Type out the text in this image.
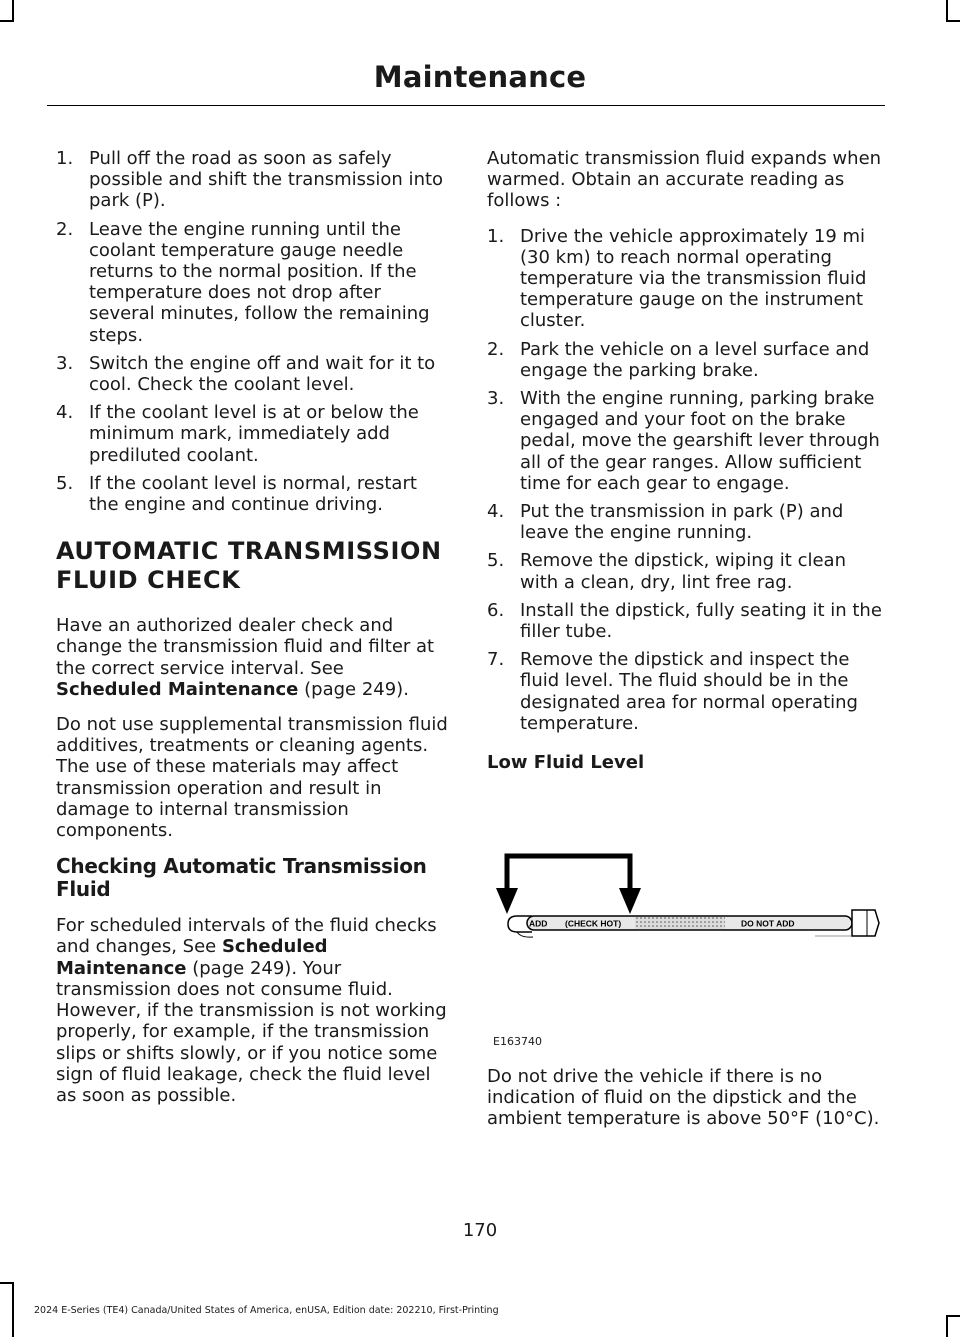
Maintenance
1. Pull off the road as soon as safely possible and shift the transmission into park (P).
2. Leave the engine running until the coolant temperature gauge needle returns to the normal position. If the temperature does not drop after several minutes, follow the remaining steps.
3. Switch the engine off and wait for it to cool. Check the coolant level.
4. If the coolant level is at or below the minimum mark, immediately add prediluted coolant.
5. If the coolant level is normal, restart the engine and continue driving.
AUTOMATIC TRANSMISSION
FLUID CHECK

Have an authorized dealer check and change the transmission fluid and filter at the correct service interval. See Scheduled Maintenance (page 249).

Do not use supplemental transmission fluid additives, treatments or cleaning agents. The use of these materials may affect transmission operation and result in damage to internal transmission components.

Checking Automatic Transmission Fluid

For scheduled intervals of the fluid checks and changes, See Scheduled Maintenance (page 249). Your transmission does not consume fluid. However, if the transmission is not working properly, for example, if the transmission slips or shifts slowly, or if you notice some sign of fluid leakage, check the fluid level as soon as possible.

Automatic transmission fluid expands when warmed. Obtain an accurate reading as follows :

1. Drive the vehicle approximately 19 mi (30 km) to reach normal operating temperature via the transmission fluid temperature gauge on the instrument cluster.
2. Park the vehicle on a level surface and engage the parking brake.
3. With the engine running, parking brake engaged and your foot on the brake pedal, move the gearshift lever through all of the gear ranges. Allow sufficient time for each gear to engage.
4. Put the transmission in park (P) and leave the engine running.
5. Remove the dipstick, wiping it clean with a clean, dry, lint free rag.
6. Install the dipstick, fully seating it in the filler tube.
7. Remove the dipstick and inspect the fluid level. The fluid should be in the designated area for normal operating temperature.
Low Fluid Level
ADD (CHECK HOT)	DO NOT ADD
E163740

Do not drive the vehicle if there is no indication of fluid on the dipstick and the ambient temperature is above 50°F (10°C).

170
2024 E-Series (TE4) Canada/United States of America, enUSA, Edition date: 202210, First-Printing
